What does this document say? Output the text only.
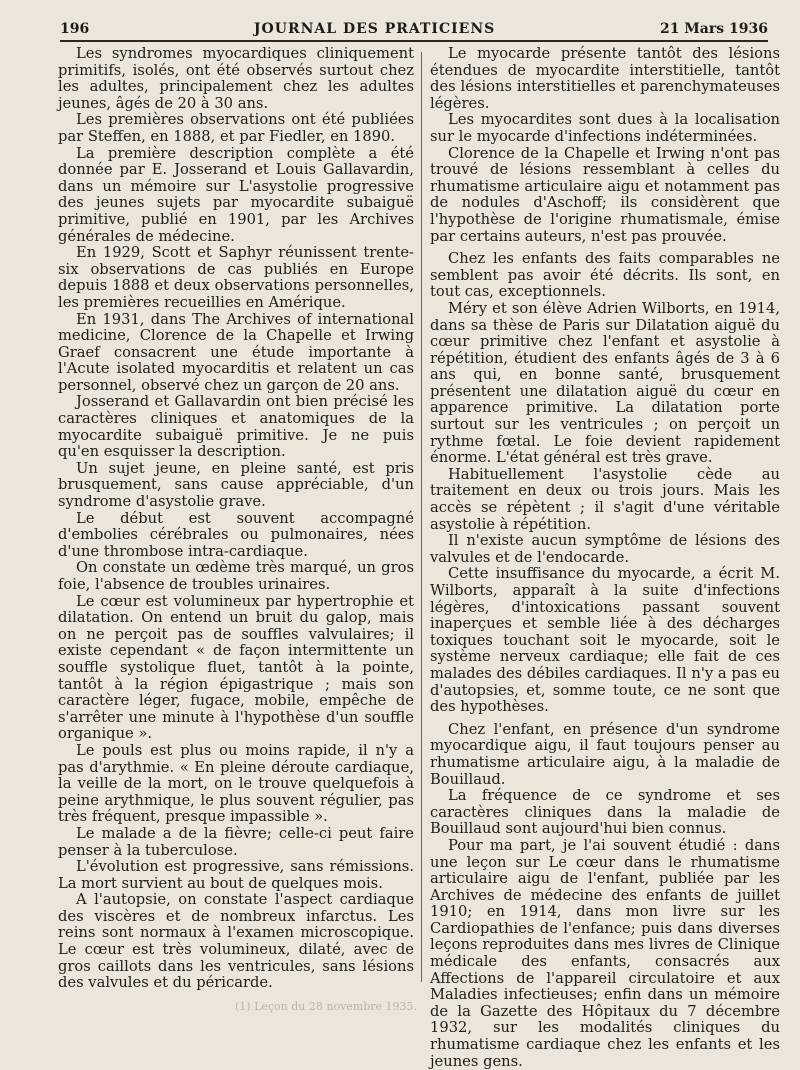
196	JOURNAL DES PRATICIENS	21 Mars 1936

Les syndromes myocardiques cliniquement primitifs, isolés, ont été observés surtout chez les adultes, principalement chez les adultes jeunes, âgés de 20 à 30 ans.

Les premières observations ont été publiées par Steffen, en 1888, et par Fiedler, en 1890.

La première description complète a été donnée par E. Josserand et Louis Gallavardin, dans un mémoire sur L'asystolie progressive des jeunes sujets par myocardite subaiguë primitive, publié en 1901, par les Archives générales de médecine.

En 1929, Scott et Saphyr réunissent trente-six observations de cas publiés en Europe depuis 1888 et deux observations personnelles, les premières recueillies en Amérique.

En 1931, dans The Archives of international medicine, Clorence de la Chapelle et Irwing Graef consacrent une étude importante à l'Acute isolated myocarditis et relatent un cas personnel, observé chez un garçon de 20 ans.

Josserand et Gallavardin ont bien précisé les caractères cliniques et anatomiques de la myocardite subaiguë primitive. Je ne puis qu'en esquisser la description.

Un sujet jeune, en pleine santé, est pris brusquement, sans cause appréciable, d'un syndrome d'asystolie grave.

Le début est souvent accompagné d'embolies cérébrales ou pulmonaires, nées d'une thrombose intra-cardiaque.

On constate un œdème très marqué, un gros foie, l'absence de troubles urinaires.

Le cœur est volumineux par hypertrophie et dilatation. On entend un bruit du galop, mais on ne perçoit pas de souffles valvulaires; il existe cependant « de façon intermittente un souffle systolique fluet, tantôt à la pointe, tantôt à la région épigastrique ; mais son caractère léger, fugace, mobile, empêche de s'arrêter une minute à l'hypothèse d'un souffle organique ».

Le pouls est plus ou moins rapide, il n'y a pas d'arythmie. « En pleine déroute cardiaque, la veille de la mort, on le trouve quelquefois à peine arythmique, le plus souvent régulier, pas très fréquent, presque impassible ».

Le malade a de la fièvre; celle-ci peut faire penser à la tuberculose.

L'évolution est progressive, sans rémissions. La mort survient au bout de quelques mois.

A l'autopsie, on constate l'aspect cardiaque des viscères et de nombreux infarctus. Les reins sont normaux à l'examen microscopique. Le cœur est très volumineux, dilaté, avec de gros caillots dans les ventricules, sans lésions des valvules et du péricarde.

Le myocarde présente tantôt des lésions étendues de myocardite interstitielle, tantôt des lésions interstitielles et parenchymateuses légères.

Les myocardites sont dues à la localisation sur le myocarde d'infections indéterminées.

Clorence de la Chapelle et Irwing n'ont pas trouvé de lésions ressemblant à celles du rhumatisme articulaire aigu et notamment pas de nodules d'Aschoff; ils considèrent que l'hypothèse de l'origine rhumatismale, émise par certains auteurs, n'est pas prouvée.

Chez les enfants des faits comparables ne semblent pas avoir été décrits. Ils sont, en tout cas, exceptionnels.

Méry et son élève Adrien Wilborts, en 1914, dans sa thèse de Paris sur Dilatation aiguë du cœur primitive chez l'enfant et asystolie à répétition, étudient des enfants âgés de 3 à 6 ans qui, en bonne santé, brusquement présentent une dilatation aiguë du cœur en apparence primitive. La dilatation porte surtout sur les ventricules ; on perçoit un rythme fœtal. Le foie devient rapidement énorme. L'état général est très grave.

Habituellement l'asystolie cède au traitement en deux ou trois jours. Mais les accès se répètent ; il s'agit d'une véritable asystolie à répétition.

Il n'existe aucun symptôme de lésions des valvules et de l'endocarde.

Cette insuffisance du myocarde, a écrit M. Wilborts, apparaît à la suite d'infections légères, d'intoxications passant souvent inaperçues et semble liée à des décharges toxiques touchant soit le myocarde, soit le système nerveux cardiaque; elle fait de ces malades des débiles cardiaques. Il n'y a pas eu d'autopsies, et, somme toute, ce ne sont que des hypothèses.

Chez l'enfant, en présence d'un syndrome myocardique aigu, il faut toujours penser au rhumatisme articulaire aigu, à la maladie de Bouillaud.

La fréquence de ce syndrome et ses caractères cliniques dans la maladie de Bouillaud sont aujourd'hui bien connus.

Pour ma part, je l'ai souvent étudié : dans une leçon sur Le cœur dans le rhumatisme articulaire aigu de l'enfant, publiée par les Archives de médecine des enfants de juillet 1910; en 1914, dans mon livre sur les Cardiopathies de l'enfance; puis dans diverses leçons reproduites dans mes livres de Clinique médicale des enfants, consacrés aux Affections de l'appareil circulatoire et aux Maladies infectieuses; enfin dans un mémoire de la Gazette des Hôpitaux du 7 décembre 1932, sur les modalités cliniques du rhumatisme cardiaque chez les enfants et les jeunes gens.

(1) Leçon du 28 novembre 1935.
